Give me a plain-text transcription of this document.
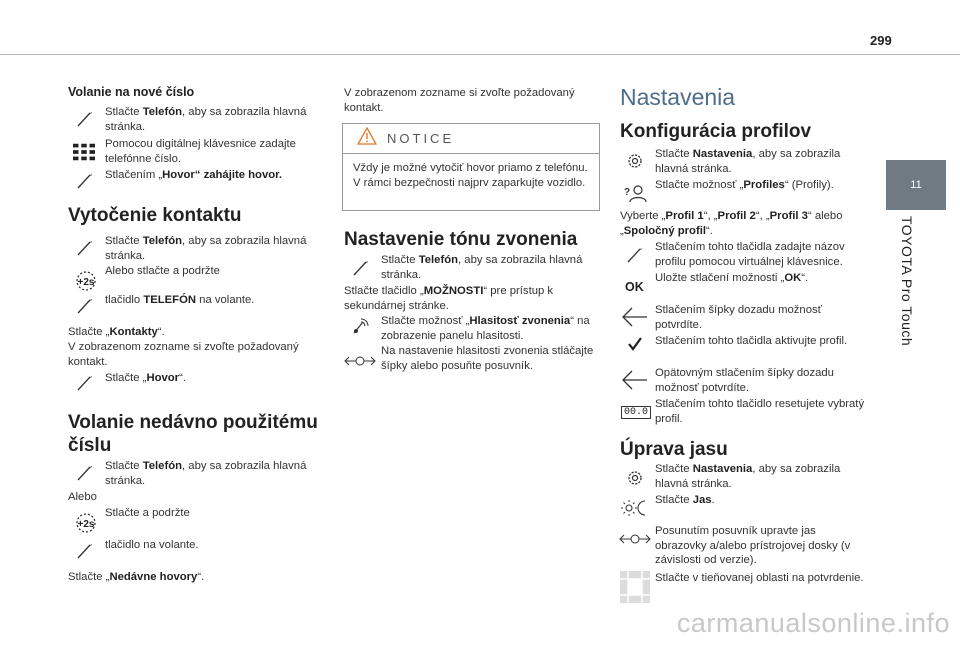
299
11
TOYOTA Pro Touch
Volanie na nové číslo
Stlačte Telefón, aby sa zobrazila hlavná stránka.
Pomocou digitálnej klávesnice zadajte telefónne číslo.
Stlačením „Hovor“ zahájite hovor.
Vytočenie kontaktu
Stlačte Telefón, aby sa zobrazila hlavná stránka.
+2s
Alebo stlačte a podržte
tlačidlo TELEFÓN na volante.
Stlačte „Kontakty“.
V zobrazenom zozname si zvoľte požadovaný kontakt.
Stlačte „Hovor“.
Volanie nedávno použitému
číslu
Stlačte Telefón, aby sa zobrazila hlavná stránka.
Alebo
+2s
Stlačte a podržte
tlačidlo na volante.
Stlačte „Nedávne hovory“.
V zobrazenom zozname si zvoľte požadovaný kontakt.
NOTICE
Vždy je možné vytočiť hovor priamo z telefónu. V rámci bezpečnosti najprv zaparkujte vozidlo.
Nastavenie tónu zvonenia
Stlačte Telefón, aby sa zobrazila hlavná stránka.
Stlačte tlačidlo „MOŽNOSTI“ pre prístup k sekundárnej stránke.
Stlačte možnosť „Hlasitosť zvonenia“ na zobrazenie panelu hlasitosti.
Na nastavenie hlasitosti zvonenia stláčajte šípky alebo posuňte posuvník.
Nastavenia
Konfigurácia profilov
Stlačte Nastavenia, aby sa zobrazila hlavná stránka.
?
Stlačte možnosť „Profiles“ (Profily).
Vyberte „Profil 1“, „Profil 2“, „Profil 3“ alebo „Spoločný profil“.
Stlačením tohto tlačidla zadajte názov profilu pomocou virtuálnej klávesnice.
OK
Uložte stlačení možnosti „OK“.
Stlačením šípky dozadu možnosť potvrdíte.
Stlačením tohto tlačidla aktivujte profil.
Opätovným stlačením šípky dozadu možnosť potvrdíte.
00.0
Stlačením tohto tlačidlo resetujete vybratý profil.
Úprava jasu
Stlačte Nastavenia, aby sa zobrazila hlavná stránka.
Stlačte Jas.
Posunutím posuvník upravte jas obrazovky a/alebo prístrojovej dosky (v závislosti od verzie).
Stlačte v tieňovanej oblasti na potvrdenie.
carmanualsonline.info
